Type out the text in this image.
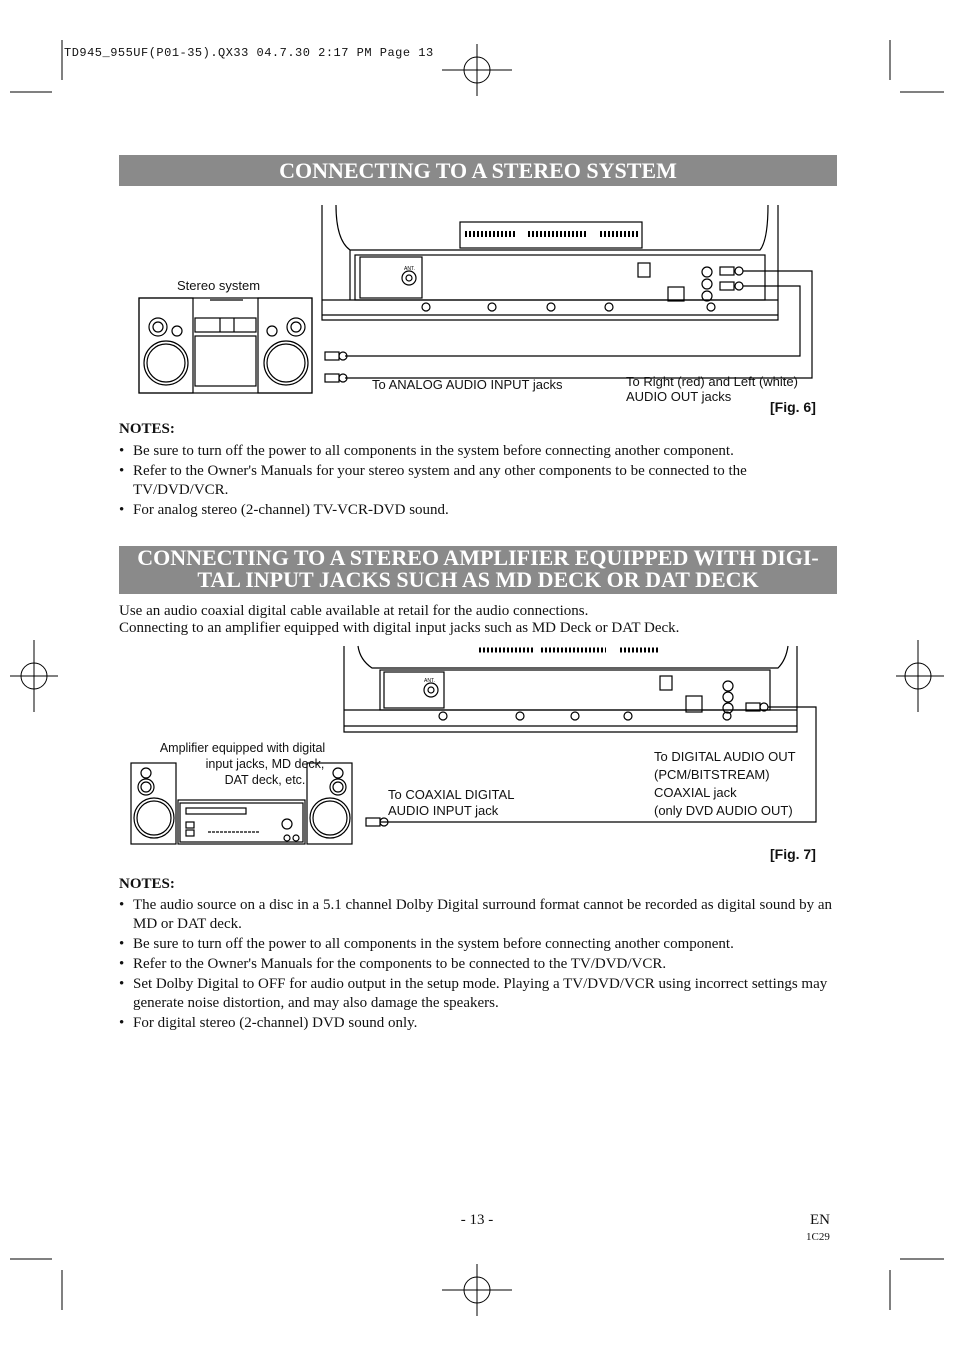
TD945_955UF(P01-35).QX33 04.7.30 2:17 PM Page 13
CONNECTING TO A STEREO SYSTEM
ANT.
Stereo system
To ANALOG AUDIO INPUT jacks	To Right (red) and Left (white)
AUDIO OUT jacks
[Fig. 6]
NOTES:
• Be sure to turn off the power to all components in the system before connecting another component.
• Refer to the Owner's Manuals for your stereo system and any other components to be connected to the TV/DVD/VCR.
• For analog stereo (2-channel) TV-VCR-DVD sound.
CONNECTING TO A STEREO AMPLIFIER EQUIPPED WITH DIGI-
TAL INPUT JACKS SUCH AS MD DECK OR DAT DECK
Use an audio coaxial digital cable available at retail for the audio connections.
Connecting to an amplifier equipped with digital input jacks such as MD Deck or DAT Deck.
ANT.
Amplifier equipped with digital
input jacks, MD deck,
DAT deck, etc.
To COAXIAL DIGITAL
AUDIO INPUT jack
To DIGITAL AUDIO OUT
(PCM/BITSTREAM)
COAXIAL jack
(only DVD AUDIO OUT)
[Fig. 7]
NOTES:
• The audio source on a disc in a 5.1 channel Dolby Digital surround format cannot be recorded as digital sound by an MD or DAT deck.
• Be sure to turn off the power to all components in the system before connecting another component.
• Refer to the Owner's Manuals for the components to be connected to the TV/DVD/VCR.
• Set Dolby Digital to OFF for audio output in the setup mode. Playing a TV/DVD/VCR using incorrect settings may generate noise distortion, and may also damage the speakers.
• For digital stereo (2-channel) DVD sound only.
- 13 -	EN
1C29
